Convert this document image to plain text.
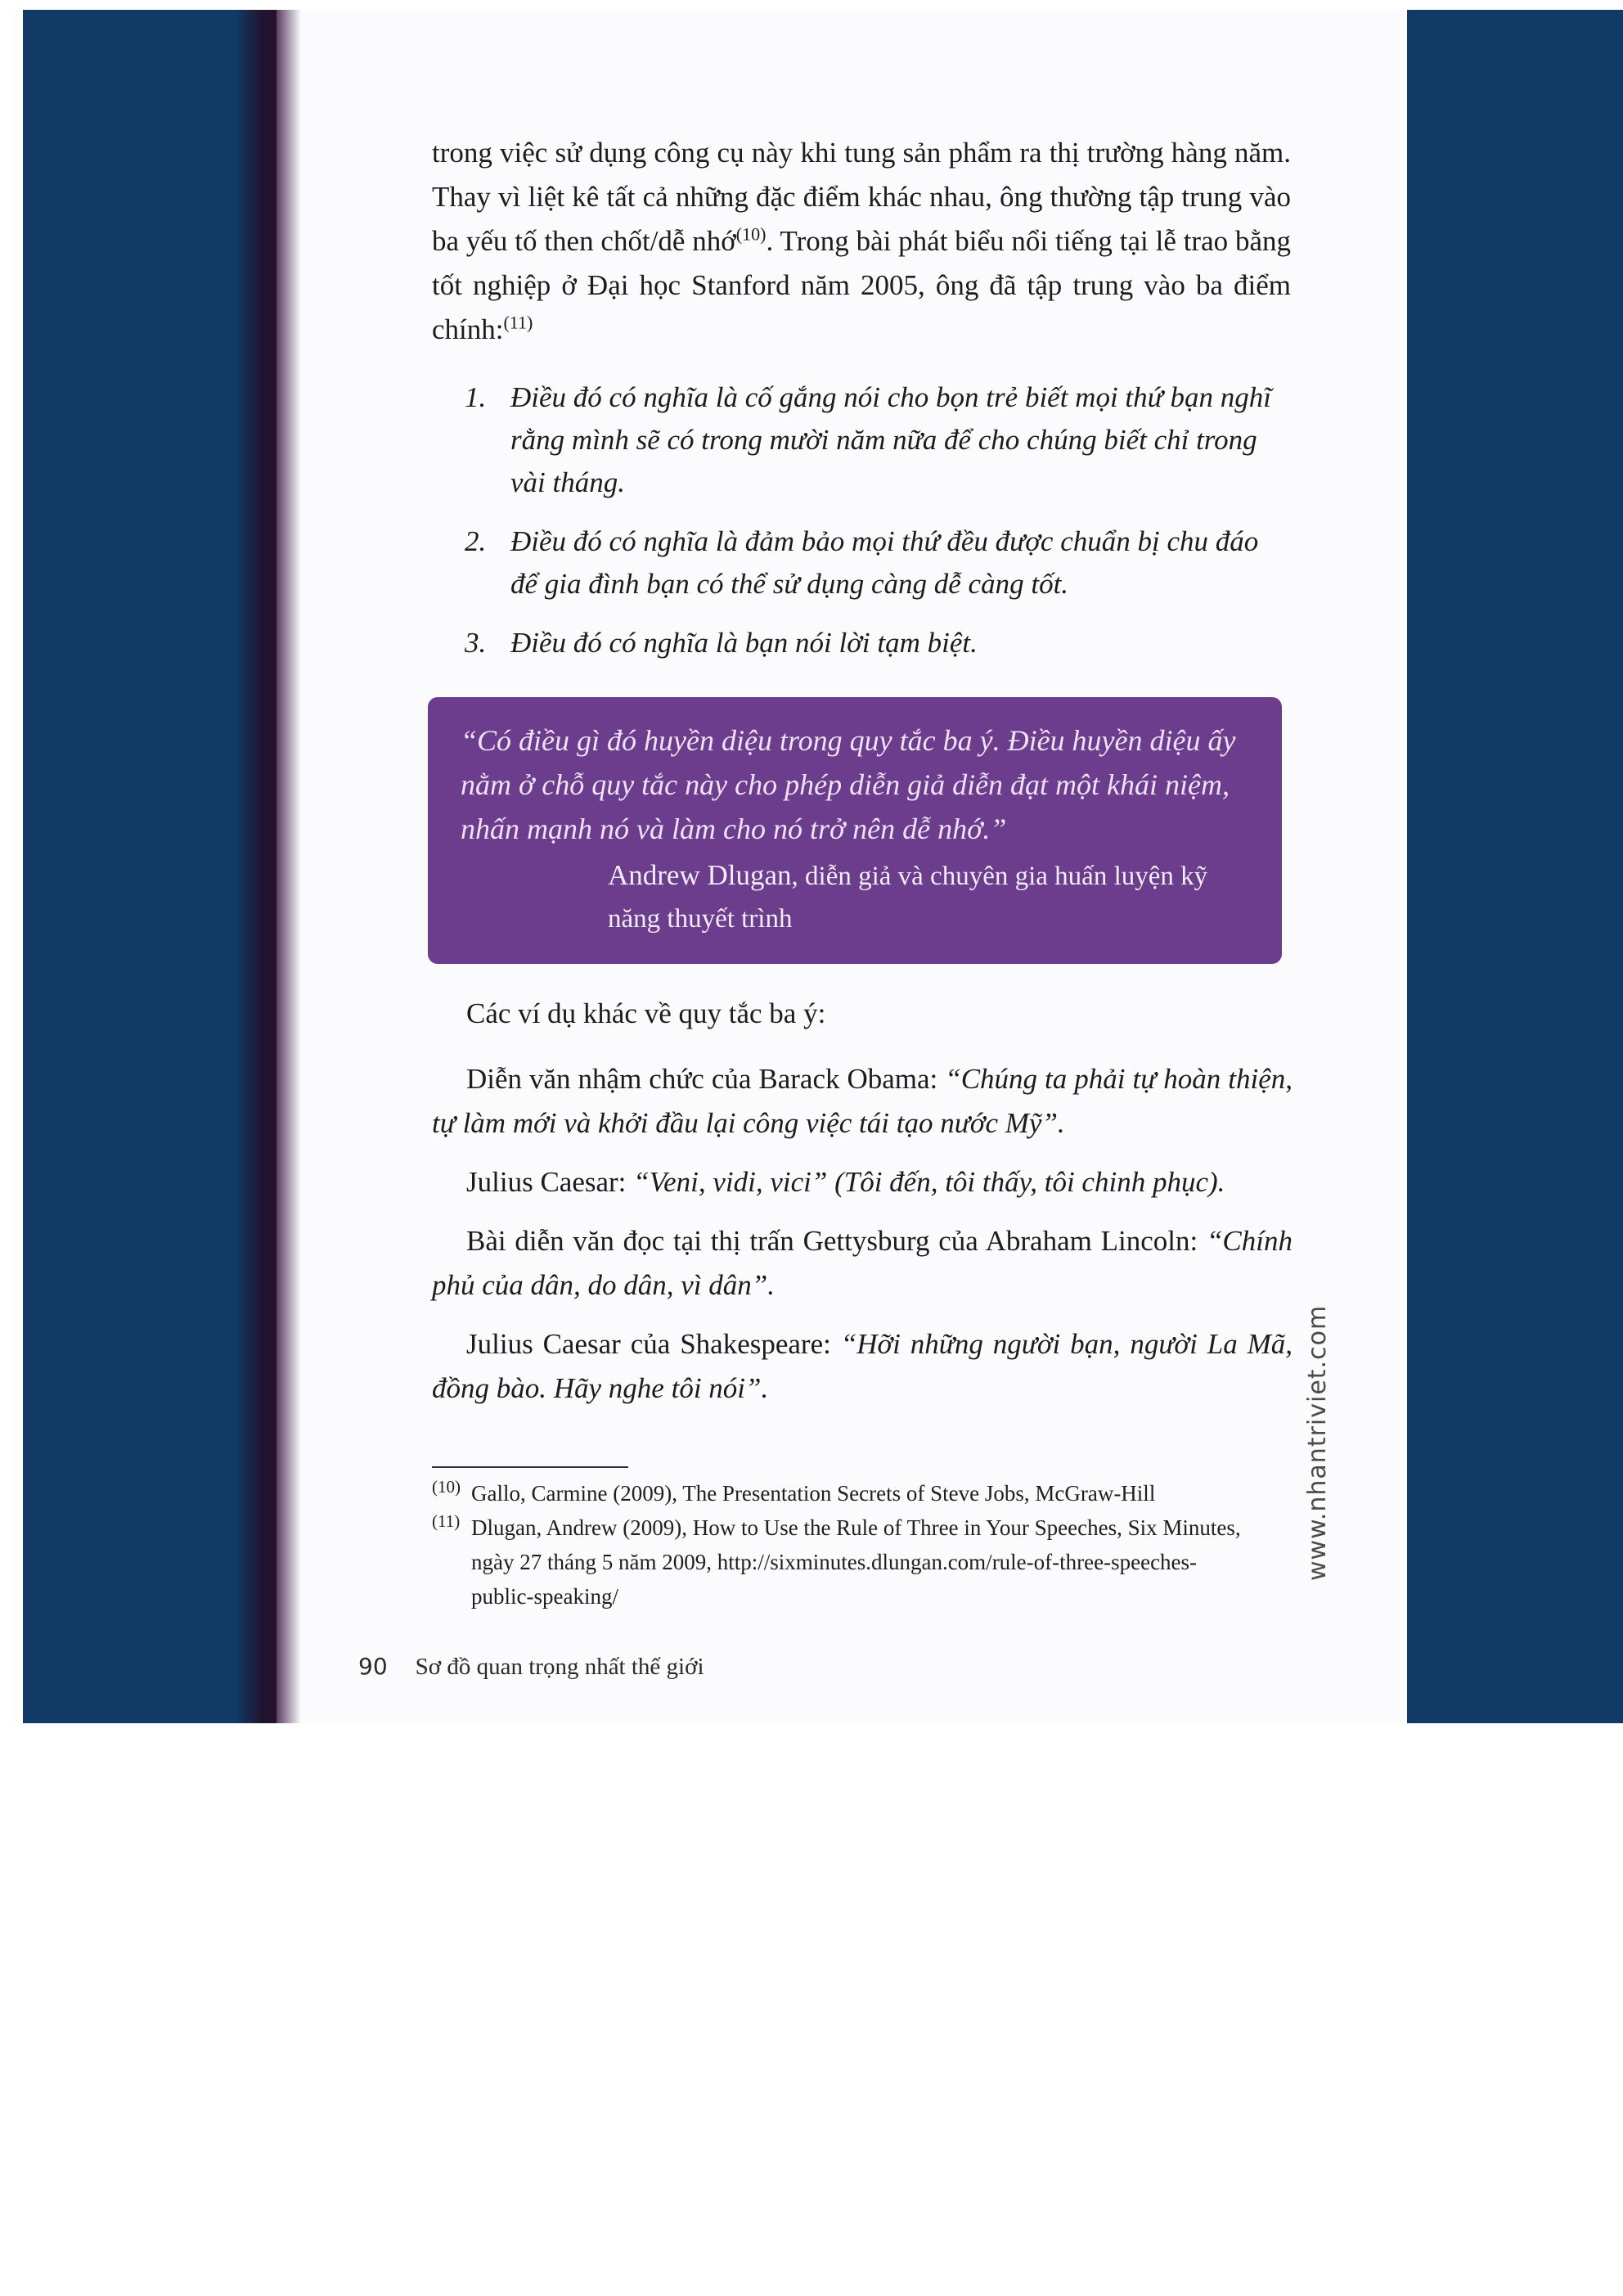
trong việc sử dụng công cụ này khi tung sản phẩm ra thị trường hàng năm. Thay vì liệt kê tất cả những đặc điểm khác nhau, ông thường tập trung vào ba yếu tố then chốt/dễ nhớ$^{(10)}$. Trong bài phát biểu nổi tiếng tại lễ trao bằng tốt nghiệp ở Đại học Stanford năm 2005, ông đã tập trung vào ba điểm chính:$^{(11)}$
1. Điều đó có nghĩa là cố gắng nói cho bọn trẻ biết mọi thứ bạn nghĩ rằng mình sẽ có trong mười năm nữa để cho chúng biết chỉ trong vài tháng.
2. Điều đó có nghĩa là đảm bảo mọi thứ đều được chuẩn bị chu đáo để gia đình bạn có thể sử dụng càng dễ càng tốt.
3. Điều đó có nghĩa là bạn nói lời tạm biệt.
“Có điều gì đó huyền diệu trong quy tắc ba ý. Điều huyền diệu ấy nằm ở chỗ quy tắc này cho phép diễn giả diễn đạt một khái niệm, nhấn mạnh nó và làm cho nó trở nên dễ nhớ.”
Andrew Dlugan, diễn giả và chuyên gia huấn luyện kỹ năng thuyết trình

Các ví dụ khác về quy tắc ba ý:

Diễn văn nhậm chức của Barack Obama: “Chúng ta phải tự hoàn thiện, tự làm mới và khởi đầu lại công việc tái tạo nước Mỹ”.

Julius Caesar: “Veni, vidi, vici” (Tôi đến, tôi thấy, tôi chinh phục).

Bài diễn văn đọc tại thị trấn Gettysburg của Abraham Lincoln: “Chính phủ của dân, do dân, vì dân”.

Julius Caesar của Shakespeare: “Hỡi những người bạn, người La Mã, đồng bào. Hãy nghe tôi nói”.

(10) Gallo, Carmine (2009), The Presentation Secrets of Steve Jobs, McGraw-Hill
(11) Dlugan, Andrew (2009), How to Use the Rule of Three in Your Speeches, Six Minutes, ngày 27 tháng 5 năm 2009, http://sixminutes.dlungan.com/rule-of-three-speeches-public-speaking/
www.nhantriviet.com
90 Sơ đồ quan trọng nhất thế giới
